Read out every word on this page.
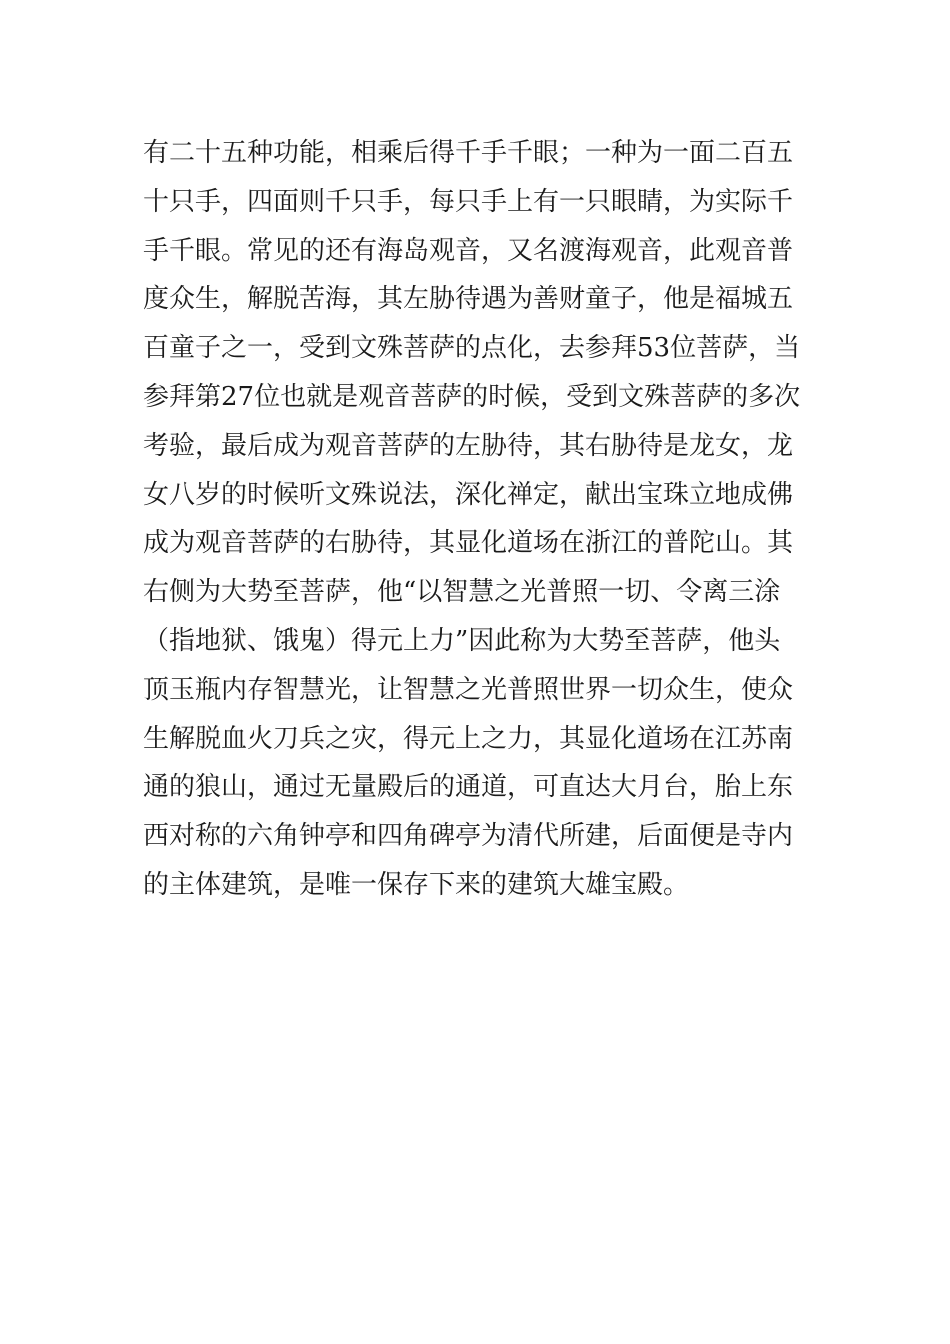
有二十五种功能，相乘后得千手千眼；一种为一面二百五
十只手，四面则千只手，每只手上有一只眼睛，为实际千
手千眼。常见的还有海岛观音，又名渡海观音，此观音普
度众生，解脱苦海，其左胁待遇为善财童子，他是福城五
百童子之一，受到文殊菩萨的点化，去参拜53位菩萨，当
参拜第27位也就是观音菩萨的时候，受到文殊菩萨的多次
考验，最后成为观音菩萨的左胁待，其右胁待是龙女，龙
女八岁的时候听文殊说法，深化禅定，献出宝珠立地成佛
成为观音菩萨的右胁待，其显化道场在浙江的普陀山。其
右侧为大势至菩萨，他“以智慧之光普照一切、令离三涂
（指地狱、饿鬼）得元上力”因此称为大势至菩萨，他头
顶玉瓶内存智慧光，让智慧之光普照世界一切众生，使众
生解脱血火刀兵之灾，得元上之力，其显化道场在江苏南
通的狼山，通过无量殿后的通道，可直达大月台，胎上东
西对称的六角钟亭和四角碑亭为清代所建，后面便是寺内
的主体建筑，是唯一保存下来的建筑大雄宝殿。
